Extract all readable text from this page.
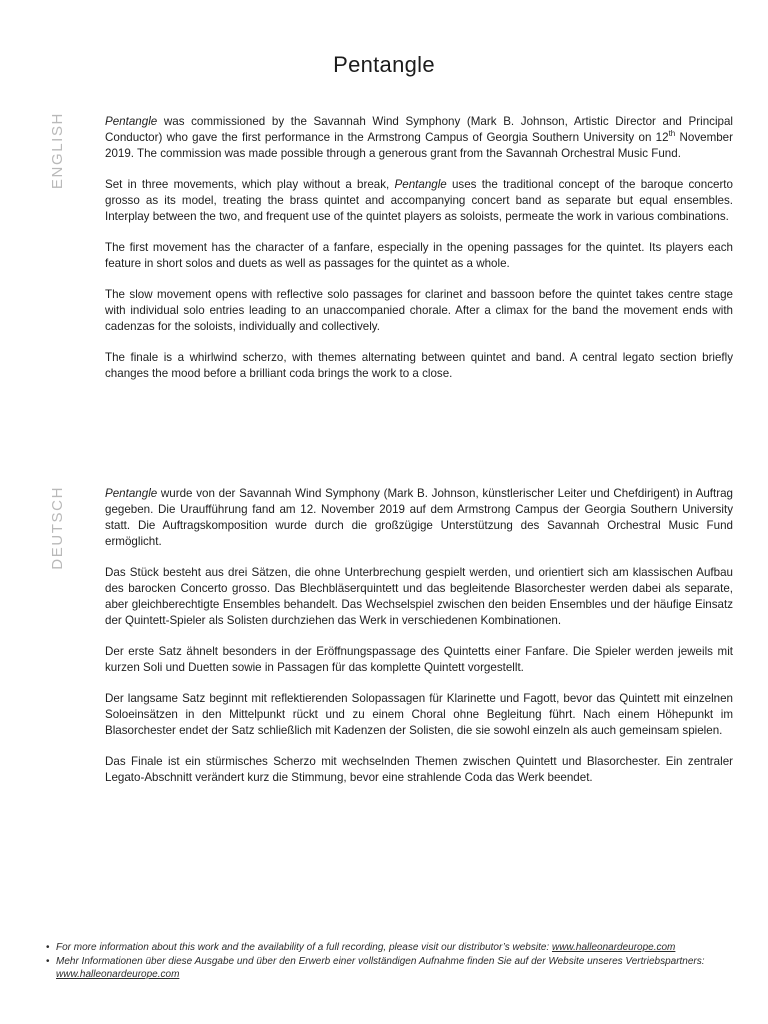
Pentangle
ENGLISH	Pentangle was commissioned by the Savannah Wind Symphony (Mark B. Johnson, Artistic Director and Principal Conductor) who gave the first performance in the Armstrong Campus of Georgia Southern University on 12th November 2019. The commission was made possible through a generous grant from the Savannah Orchestral Music Fund.

Set in three movements, which play without a break, Pentangle uses the traditional concept of the baroque concerto grosso as its model, treating the brass quintet and accompanying concert band as separate but equal ensembles. Interplay between the two, and frequent use of the quintet players as soloists, permeate the work in various combinations.

The first movement has the character of a fanfare, especially in the opening passages for the quintet. Its players each feature in short solos and duets as well as passages for the quintet as a whole.

The slow movement opens with reflective solo passages for clarinet and bassoon before the quintet takes centre stage with individual solo entries leading to an unaccompanied chorale. After a climax for the band the movement ends with cadenzas for the soloists, individually and collectively.

The finale is a whirlwind scherzo, with themes alternating between quintet and band. A central legato section briefly changes the mood before a brilliant coda brings the work to a close.

DEUTSCH	Pentangle wurde von der Savannah Wind Symphony (Mark B. Johnson, künstlerischer Leiter und Chefdirigent) in Auftrag gegeben. Die Uraufführung fand am 12. November 2019 auf dem Armstrong Campus der Georgia Southern University statt. Die Auftragskomposition wurde durch die großzügige Unterstützung des Savannah Orchestral Music Fund ermöglicht.

Das Stück besteht aus drei Sätzen, die ohne Unterbrechung gespielt werden, und orientiert sich am klassischen Aufbau des barocken Concerto grosso. Das Blechbläserquintett und das begleitende Blasorchester werden dabei als separate, aber gleichberechtigte Ensembles behandelt. Das Wechselspiel zwischen den beiden Ensembles und der häufige Einsatz der Quintett-Spieler als Solisten durchziehen das Werk in verschiedenen Kombinationen.

Der erste Satz ähnelt besonders in der Eröffnungspassage des Quintetts einer Fanfare. Die Spieler werden jeweils mit kurzen Soli und Duetten sowie in Passagen für das komplette Quintett vorgestellt.

Der langsame Satz beginnt mit reflektierenden Solopassagen für Klarinette und Fagott, bevor das Quintett mit einzelnen Soloeinsätzen in den Mittelpunkt rückt und zu einem Choral ohne Begleitung führt. Nach einem Höhepunkt im Blasorchester endet der Satz schließlich mit Kadenzen der Solisten, die sie sowohl einzeln als auch gemeinsam spielen.

Das Finale ist ein stürmisches Scherzo mit wechselnden Themen zwischen Quintett und Blasorchester. Ein zentraler Legato-Abschnitt verändert kurz die Stimmung, bevor eine strahlende Coda das Werk beendet.

• For more information about this work and the availability of a full recording, please visit our distributor’s website: www.halleonardeurope.com
• Mehr Informationen über diese Ausgabe und über den Erwerb einer vollständigen Aufnahme finden Sie auf der Website unseres Vertriebspartners:
www.halleonardeurope.com
